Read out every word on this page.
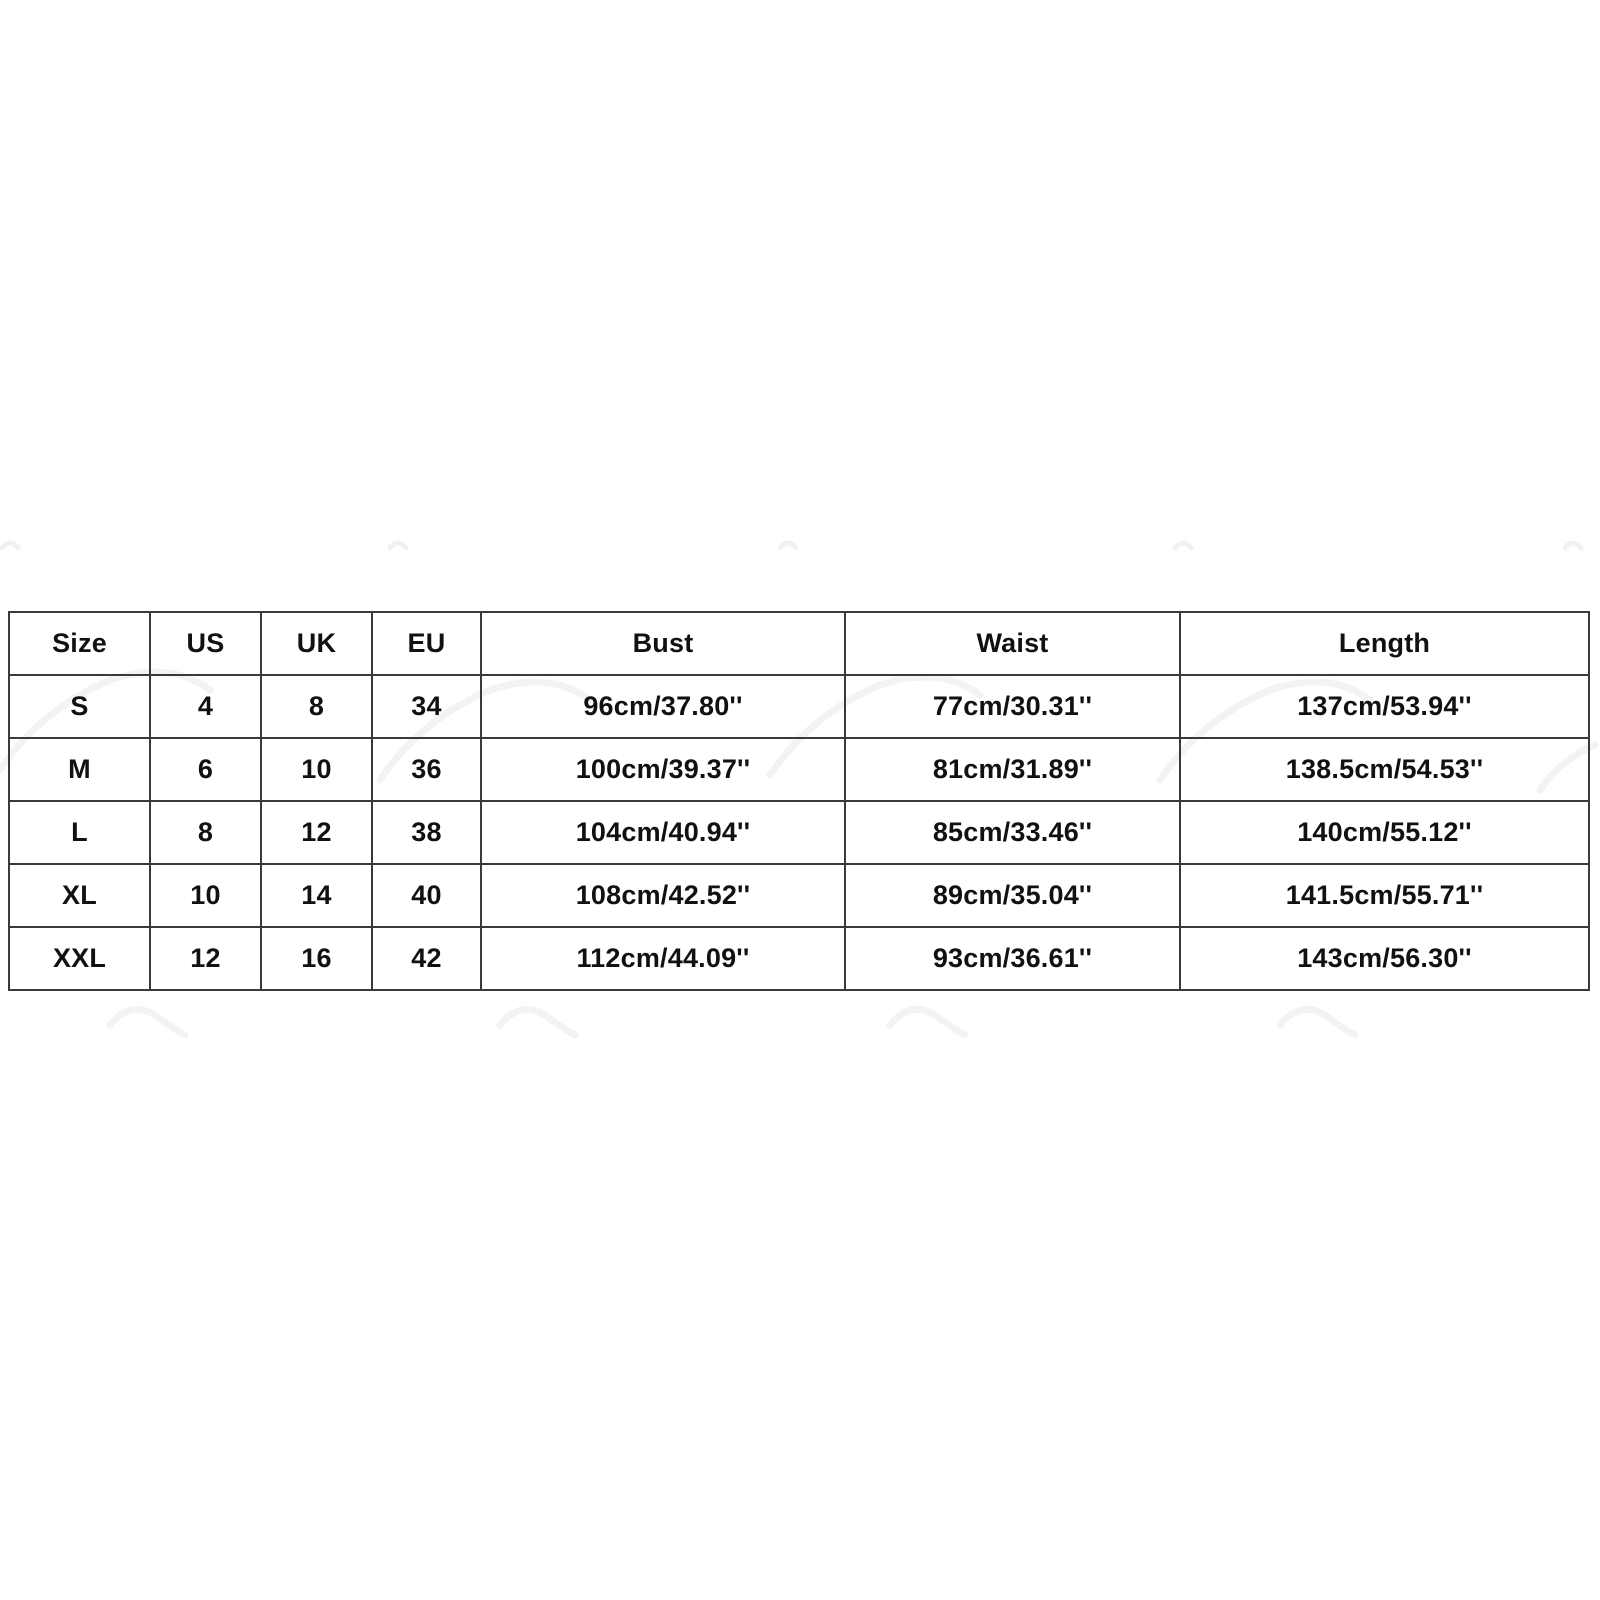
Size	US	UK	EU	Bust	Waist	Length
S	4	8	34	96cm/37.80''	77cm/30.31''	137cm/53.94''
M	6	10	36	100cm/39.37''	81cm/31.89''	138.5cm/54.53''
L	8	12	38	104cm/40.94''	85cm/33.46''	140cm/55.12''
XL	10	14	40	108cm/42.52''	89cm/35.04''	141.5cm/55.71''
XXL	12	16	42	112cm/44.09''	93cm/36.61''	143cm/56.30''
